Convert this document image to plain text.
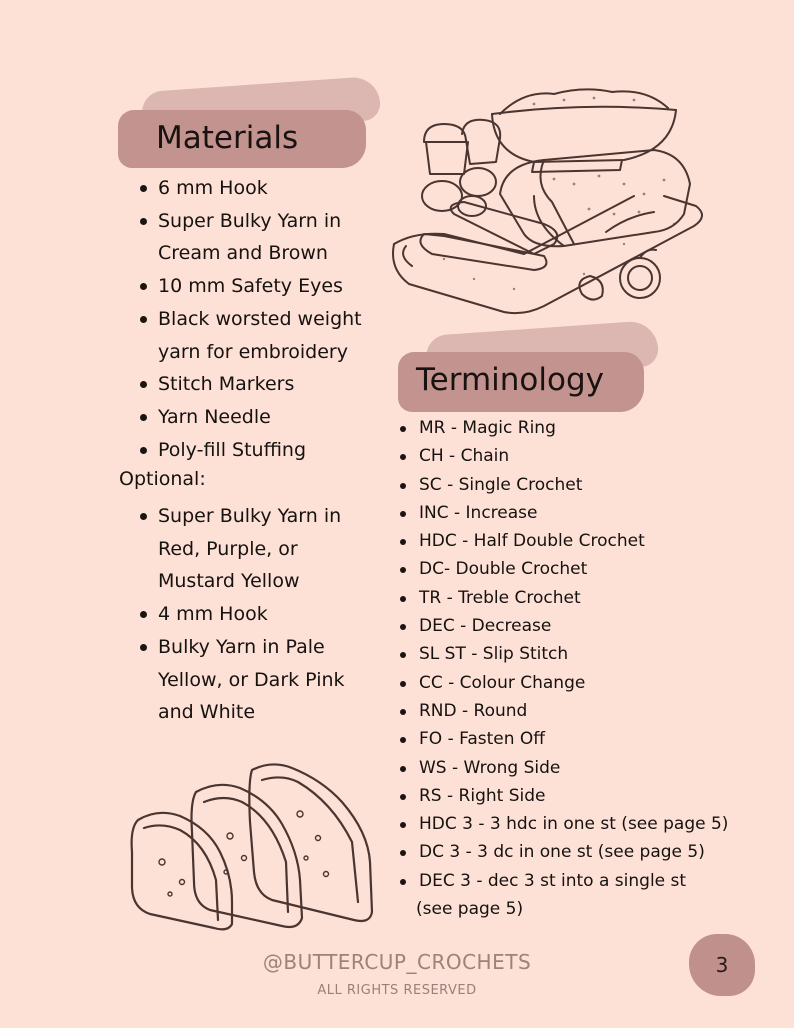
Materials
6 mm Hook
Super Bulky Yarn in Cream and Brown
10 mm Safety Eyes
Black worsted weight yarn for embroidery
Stitch Markers
Yarn Needle
Poly-fill Stuffing
Optional:
Super Bulky Yarn in Red, Purple, or Mustard Yellow
4 mm Hook
Bulky Yarn in Pale Yellow, or Dark Pink and White
Terminology
MR - Magic Ring
CH - Chain
SC - Single Crochet
INC - Increase
HDC - Half Double Crochet
DC- Double Crochet
TR - Treble Crochet
DEC - Decrease
SL ST - Slip Stitch
CC - Colour Change
RND - Round
FO - Fasten Off
WS - Wrong Side
RS - Right Side
HDC 3 - 3 hdc in one st (see page 5)
DC 3 - 3 dc in one st (see page 5)
DEC 3 - dec 3 st into a single st
(see page 5)
@BUTTERCUP_CROCHETS
ALL RIGHTS RESERVED
3
